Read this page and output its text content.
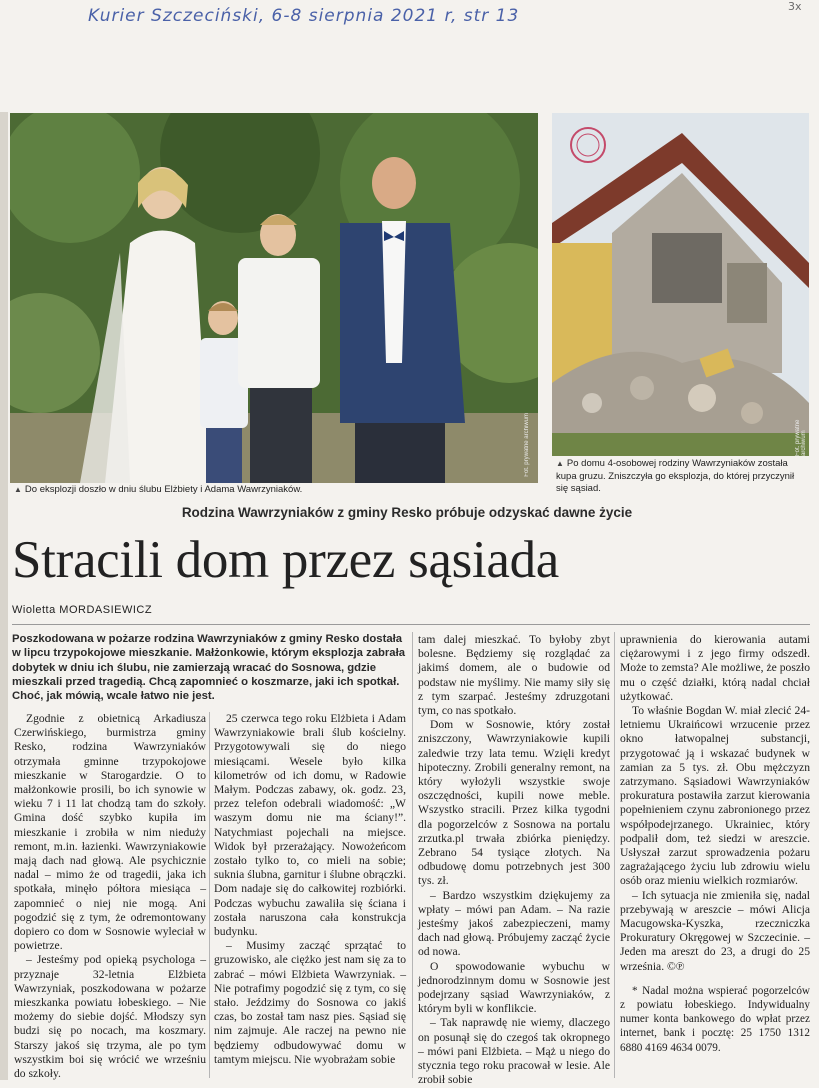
Kurier Szczeciński, 6-8 sierpnia 2021 r, str 13	3x
Fot. prywatne archiwum	Fot. prywatne archiwum
▲ Do eksplozji doszło w dniu ślubu Elżbiety i Adama Wawrzyniaków.
▲ Po domu 4-osobowej rodziny Wawrzyniaków została kupa gruzu. Zniszczyła go eksplozja, do której przyczynił się sąsiad.
Rodzina Wawrzyniaków z gminy Resko próbuje odzyskać dawne życie
Stracili dom przez sąsiada
Wioletta MORDASIEWICZ
Poszkodowana w pożarze rodzina Wawrzyniaków z gminy Resko dostała w lipcu trzypokojowe mieszkanie. Małżonkowie, którym eksplozja zabrała dobytek w dniu ich ślubu, nie zamierzają wracać do Sosnowa, gdzie mieszkali przed tragedią. Chcą zapomnieć o koszmarze, jaki ich spotkał. Choć, jak mówią, wcale łatwo nie jest.

Zgodnie z obietnicą Arkadiusza Czerwińskiego, burmistrza gminy Resko, rodzina Wawrzyniaków otrzymała gminne trzypokojowe mieszkanie w Starogardzie. O to małżonkowie prosili, bo ich synowie w wieku 7 i 11 lat chodzą tam do szkoły. Gmina dość szybko kupiła im mieszkanie i zrobiła w nim nieduży remont, m.in. łazienki. Wawrzyniakowie mają dach nad głową. Ale psychicznie nadal – mimo że od tragedii, jaka ich spotkała, minęło półtora miesiąca – zapomnieć o niej nie mogą. Ani pogodzić się z tym, że odremontowany dopiero co dom w Sosnowie wyleciał w powietrze.

– Jesteśmy pod opieką psychologa – przyznaje 32-letnia Elżbieta Wawrzyniak, poszkodowana w pożarze mieszkanka powiatu łobeskiego. – Nie możemy do siebie dojść. Młodszy syn budzi się po nocach, ma koszmary. Starszy jakoś się trzyma, ale po tym wszystkim boi się wrócić we wrześniu do szkoły.

25 czerwca tego roku Elżbieta i Adam Wawrzyniakowie brali ślub kościelny. Przygotowywali się do niego miesiącami. Wesele było kilka kilometrów od ich domu, w Radowie Małym. Podczas zabawy, ok. godz. 23, przez telefon odebrali wiadomość: „W waszym domu nie ma ściany!”. Natychmiast pojechali na miejsce. Widok był przerażający. Nowożeńcom zostało tylko to, co mieli na sobie; suknia ślubna, garnitur i ślubne obrączki. Dom nadaje się do całkowitej rozbiórki. Podczas wybuchu zawaliła się ściana i została naruszona cała konstrukcja budynku.

– Musimy zacząć sprzątać to gruzowisko, ale ciężko jest nam się za to zabrać – mówi Elżbieta Wawrzyniak. – Nie potrafimy pogodzić się z tym, co się stało. Jeździmy do Sosnowa co jakiś czas, bo został tam nasz pies. Sąsiad się nim zajmuje. Ale raczej na pewno nie będziemy odbudowywać domu w tamtym miejscu. Nie wyobrażam sobie

tam dalej mieszkać. To byłoby zbyt bolesne. Będziemy się rozglądać za jakimś domem, ale o budowie od podstaw nie myślimy. Nie mamy siły się z tym szarpać. Jesteśmy zdruzgotani tym, co nas spotkało.

Dom w Sosnowie, który został zniszczony, Wawrzyniakowie kupili zaledwie trzy lata temu. Wzięli kredyt hipoteczny. Zrobili generalny remont, na który wyłożyli wszystkie swoje oszczędności, kupili nowe meble. Wszystko stracili. Przez kilka tygodni dla pogorzelców z Sosnowa na portalu zrzutka.pl trwała zbiórka pieniędzy. Zebrano 54 tysiące złotych. Na odbudowę domu potrzebnych jest 300 tys. zł.

– Bardzo wszystkim dziękujemy za wpłaty – mówi pan Adam. – Na razie jesteśmy jakoś zabezpieczeni, mamy dach nad głową. Próbujemy zacząć życie od nowa.

O spowodowanie wybuchu w jednorodzinnym domu w Sosnowie jest podejrzany sąsiad Wawrzyniaków, z którym byli w konflikcie.

– Tak naprawdę nie wiemy, dlaczego on posunął się do czegoś tak okropnego – mówi pani Elżbieta. – Mąż u niego do stycznia tego roku pracował w lesie. Ale zrobił sobie

uprawnienia do kierowania autami ciężarowymi i z jego firmy odszedł. Może to zemsta? Ale możliwe, że poszło mu o część działki, którą nadal chciał użytkować.

To właśnie Bogdan W. miał zlecić 24-letniemu Ukraińcowi wrzucenie przez okno łatwopalnej substancji, przygotować ją i wskazać budynek w zamian za 5 tys. zł. Obu mężczyzn zatrzymano. Sąsiadowi Wawrzyniaków prokuratura postawiła zarzut kierowania popełnieniem czynu zabronionego przez współpodejrzanego. Ukrainiec, który podpalił dom, też siedzi w areszcie. Usłyszał zarzut sprowadzenia pożaru zagrażającego życiu lub zdrowiu wielu osób oraz mieniu wielkich rozmiarów.

– Ich sytuacja nie zmieniła się, nadal przebywają w areszcie – mówi Alicja Macugowska-Kyszka, rzeczniczka Prokuratury Okręgowej w Szczecinie. – Jeden ma areszt do 23, a drugi do 25 września. ©℗

* Nadal można wspierać pogorzelców z powiatu łobeskiego. Indywidualny numer konta bankowego do wpłat przez internet, bank i pocztę: 25 1750 1312 6880 4169 4634 0079.
